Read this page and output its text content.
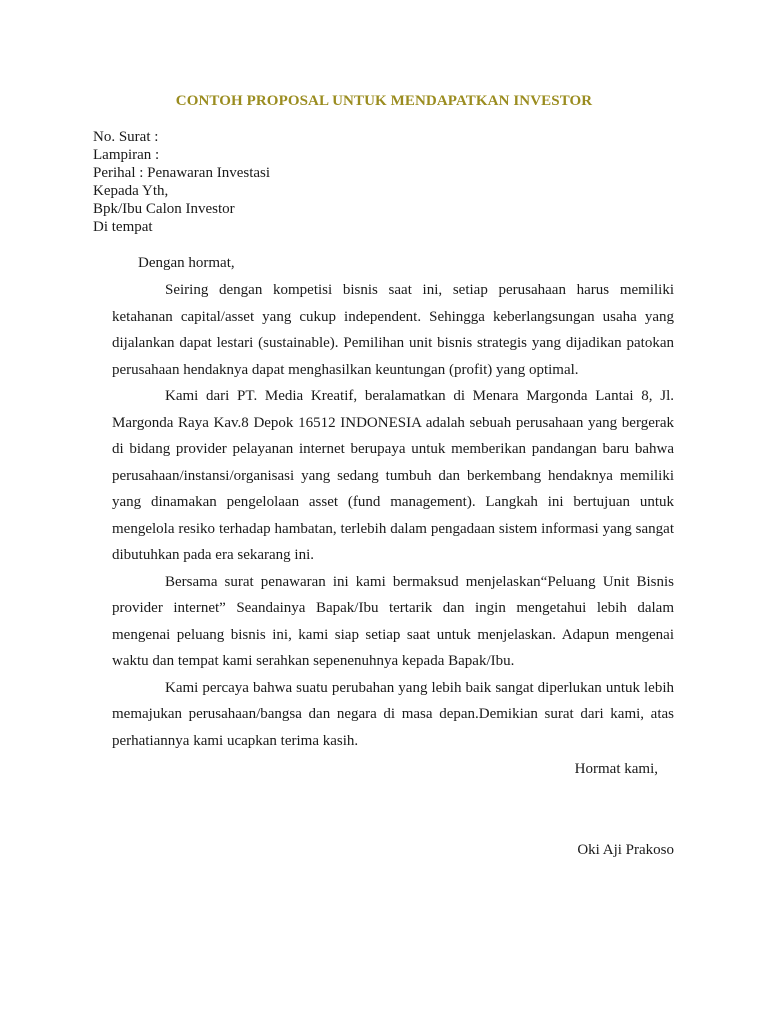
CONTOH PROPOSAL UNTUK MENDAPATKAN INVESTOR
No. Surat :
Lampiran :
Perihal : Penawaran Investasi
Kepada Yth,
Bpk/Ibu Calon Investor
Di tempat
Dengan hormat,

Seiring dengan kompetisi bisnis saat ini, setiap perusahaan harus memiliki ketahanan capital/asset yang cukup independent. Sehingga keberlangsungan usaha yang dijalankan dapat lestari (sustainable). Pemilihan unit bisnis strategis yang dijadikan patokan perusahaan hendaknya dapat menghasilkan keuntungan (profit) yang optimal.

Kami dari PT. Media Kreatif, beralamatkan di Menara Margonda Lantai 8, Jl. Margonda Raya Kav.8 Depok 16512 INDONESIA adalah sebuah perusahaan yang bergerak di bidang provider pelayanan internet berupaya untuk memberikan pandangan baru bahwa perusahaan/instansi/organisasi yang sedang tumbuh dan berkembang hendaknya memiliki yang dinamakan pengelolaan asset (fund management). Langkah ini bertujuan untuk mengelola resiko terhadap hambatan, terlebih dalam pengadaan sistem informasi yang sangat dibutuhkan pada era sekarang ini.

Bersama surat penawaran ini kami bermaksud menjelaskan“Peluang Unit Bisnis provider internet” Seandainya Bapak/Ibu tertarik dan ingin mengetahui lebih dalam mengenai peluang bisnis ini, kami siap setiap saat untuk menjelaskan. Adapun mengenai waktu dan tempat kami serahkan sepenenuhnya kepada Bapak/Ibu.

Kami percaya bahwa suatu perubahan yang lebih baik sangat diperlukan untuk lebih memajukan perusahaan/bangsa dan negara di masa depan.Demikian surat dari kami, atas perhatiannya kami ucapkan terima kasih.

Hormat kami,
Oki Aji Prakoso
